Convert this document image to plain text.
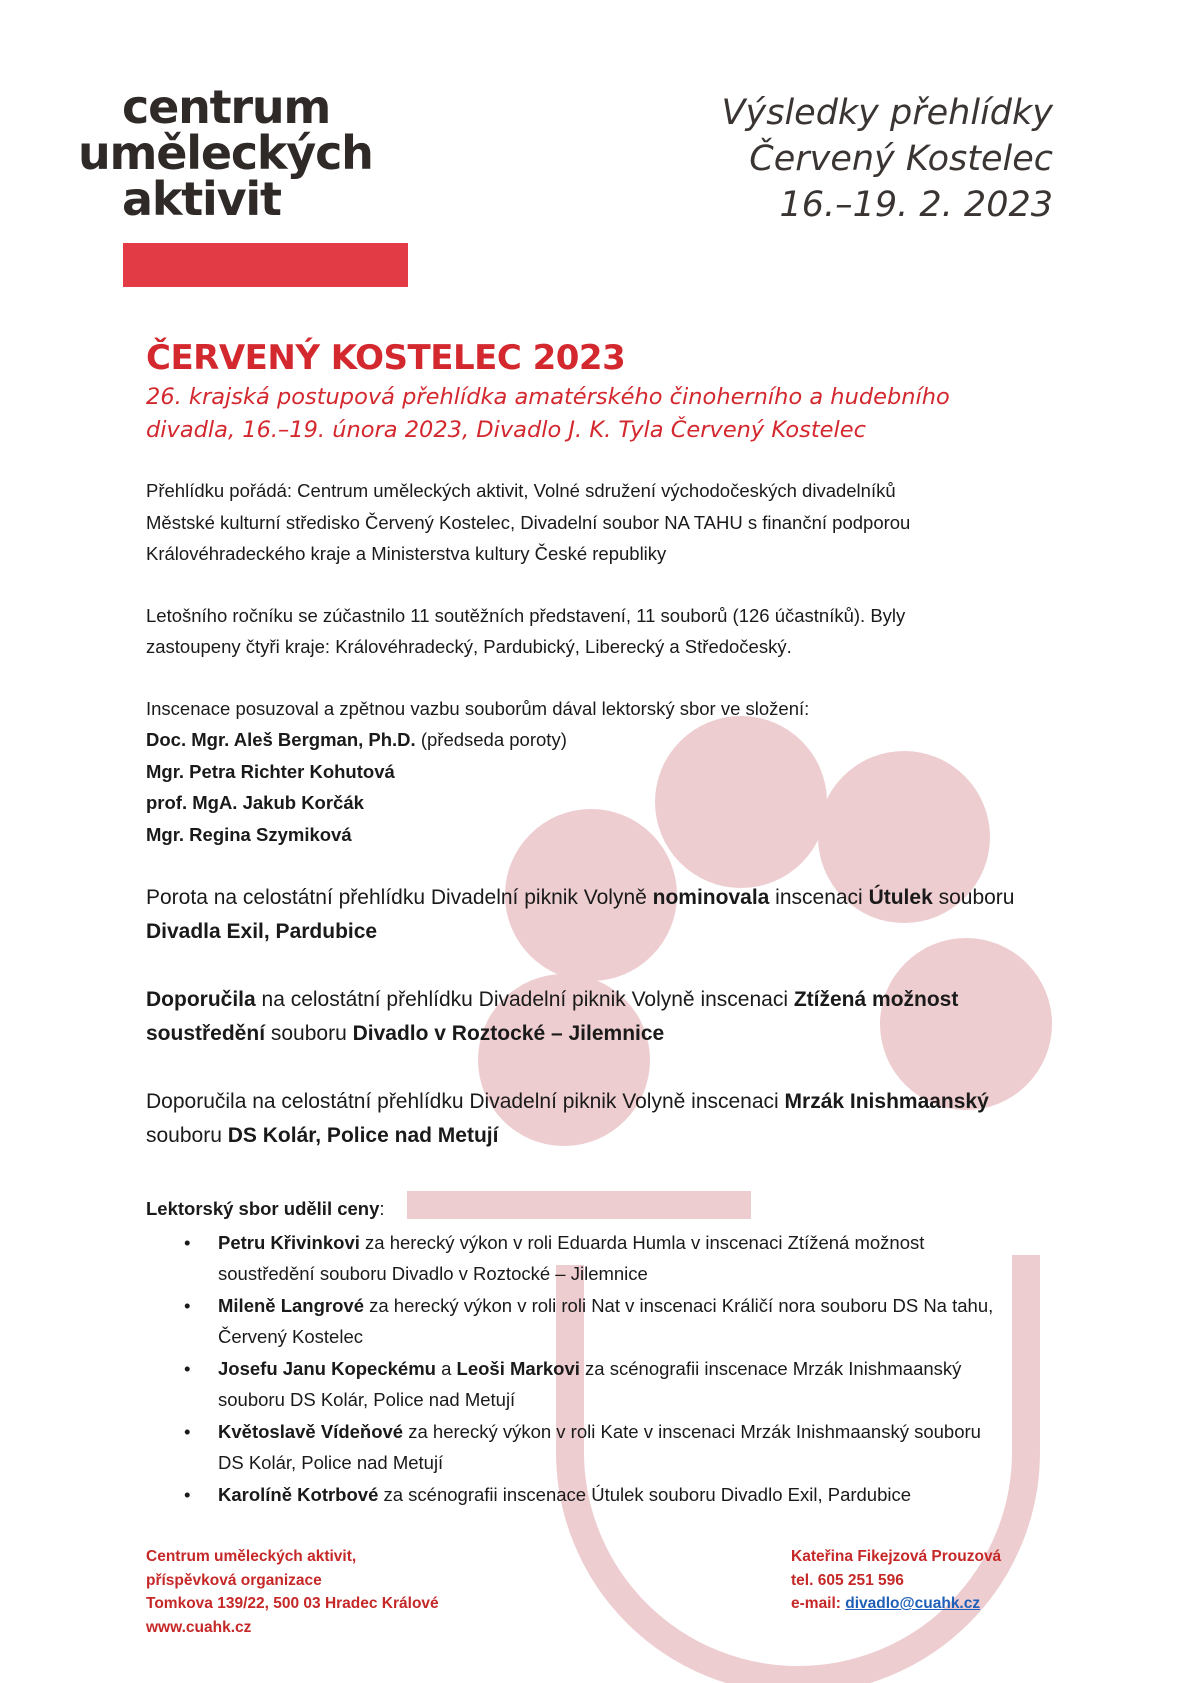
centrum
uměleckých
aktivit
Výsledky přehlídky
Červený Kostelec
16.–19. 2. 2023
ČERVENÝ KOSTELEC 2023
26. krajská postupová přehlídka amatérského činoherního a hudebního
divadla, 16.–19. února 2023, Divadlo J. K. Tyla Červený Kostelec
Přehlídku pořádá: Centrum uměleckých aktivit, Volné sdružení východočeských divadelníků
Městské kulturní středisko Červený Kostelec, Divadelní soubor NA TAHU s finanční podporou
Královéhradeckého kraje a Ministerstva kultury České republiky
Letošního ročníku se zúčastnilo 11 soutěžních představení, 11 souborů (126 účastníků). Byly
zastoupeny čtyři kraje: Královéhradecký, Pardubický, Liberecký a Středočeský.
Inscenace posuzoval a zpětnou vazbu souborům dával lektorský sbor ve složení:
Doc. Mgr. Aleš Bergman, Ph.D. (předseda poroty)
Mgr. Petra Richter Kohutová
prof. MgA. Jakub Korčák
Mgr. Regina Szymiková
Porota na celostátní přehlídku Divadelní piknik Volyně nominovala inscenaci Útulek souboru
Divadla Exil, Pardubice
Doporučila na celostátní přehlídku Divadelní piknik Volyně inscenaci Ztížená možnost
soustředění souboru Divadlo v Roztocké – Jilemnice
Doporučila na celostátní přehlídku Divadelní piknik Volyně inscenaci Mrzák Inishmaanský
souboru DS Kolár, Police nad Metují
Lektorský sbor udělil ceny:
• Petru Křivinkovi za herecký výkon v roli Eduarda Humla v inscenaci Ztížená možnost
soustředění souboru Divadlo v Roztocké – Jilemnice
• Mileně Langrové za herecký výkon v roli roli Nat v inscenaci Králičí nora souboru DS Na tahu,
Červený Kostelec
• Josefu Janu Kopeckému a Leoši Markovi za scénografii inscenace Mrzák Inishmaanský
souboru DS Kolár, Police nad Metují
• Květoslavě Vídeňové za herecký výkon v roli Kate v inscenaci Mrzák Inishmaanský souboru
DS Kolár, Police nad Metují
• Karolíně Kotrbové za scénografii inscenace Útulek souboru Divadlo Exil, Pardubice
Centrum uměleckých aktivit,
příspěvková organizace
Tomkova 139/22, 500 03 Hradec Králové
www.cuahk.cz
Kateřina Fikejzová Prouzová
tel. 605 251 596
e-mail: divadlo@cuahk.cz
